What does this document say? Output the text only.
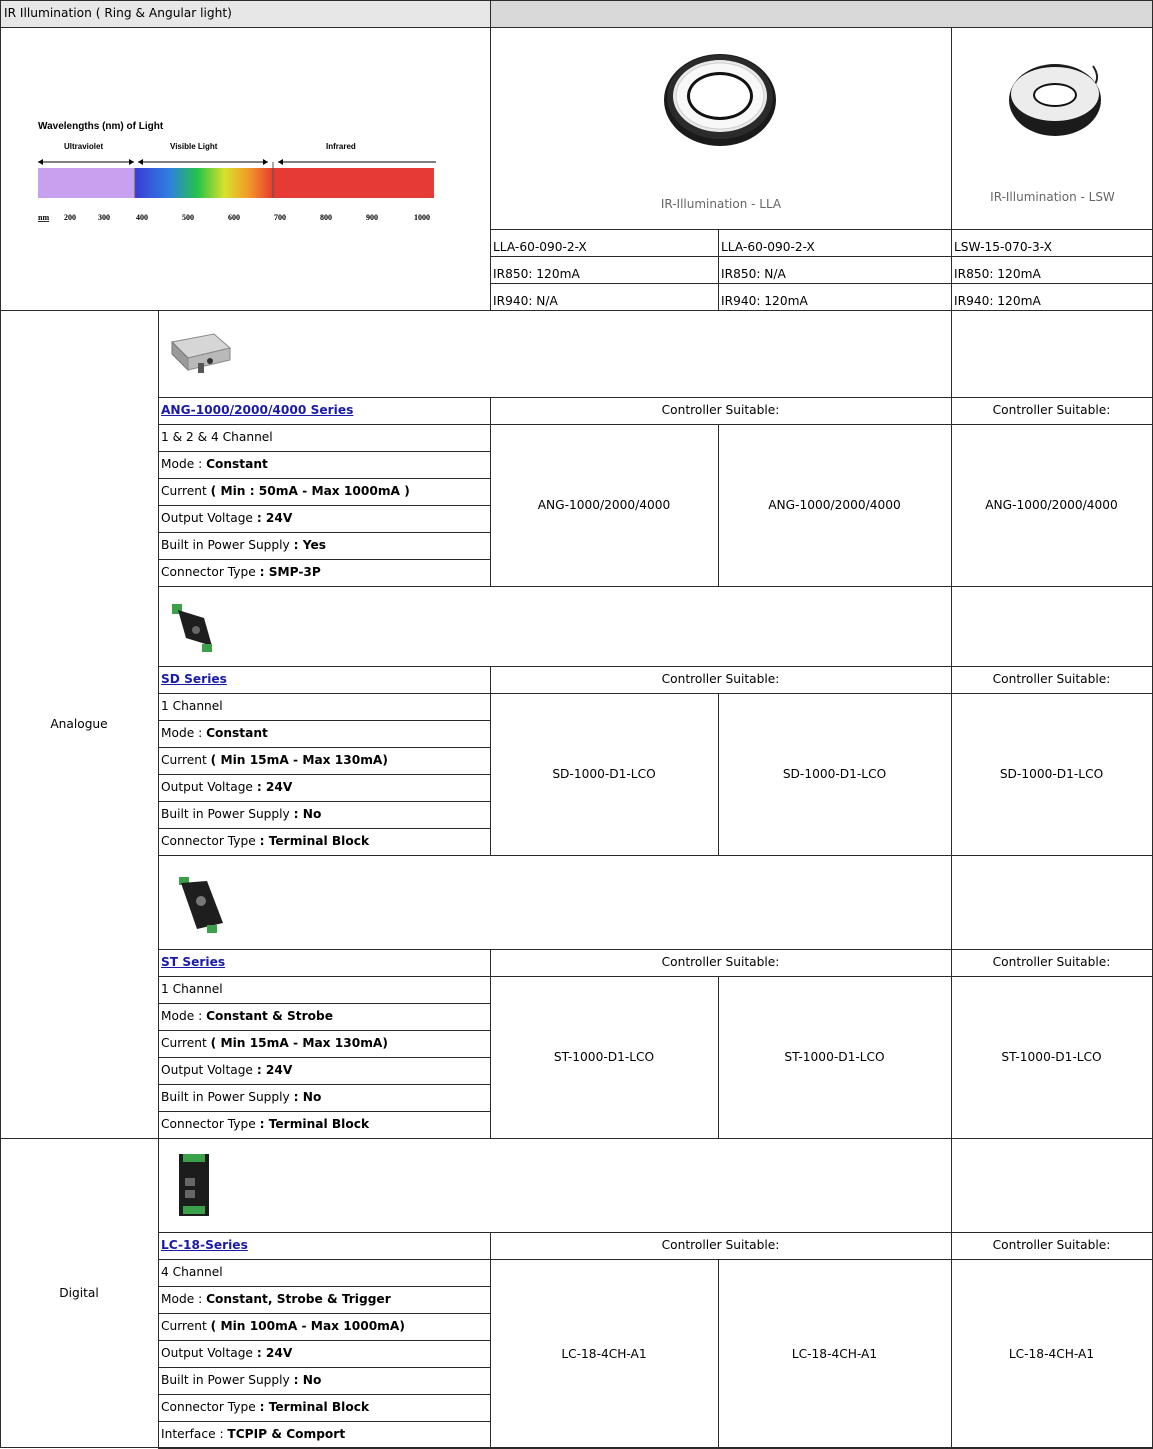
IR Illumination ( Ring & Angular light)
Wavelengths (nm) of Light
Ultraviolet	Visible Light	Infrared
nm 200	300	400	500	600	700	800	900	1000
IR-Illumination - LLA	IR-Illumination - LSW
LLA-60-090-2-X	LLA-60-090-2-X	LSW-15-070-3-X
IR850: 120mA	IR850: N/A	IR850: 120mA
IR940: N/A	IR940: 120mA	IR940: 120mA
Analogue
Digital
ANG-1000/2000/4000 Series	Controller Suitable:	Controller Suitable:
1 & 2 & 4 Channel
Mode : Constant
Current ( Min : 50mA - Max 1000mA )
Output Voltage : 24V
Built in Power Supply : Yes
Connector Type : SMP-3P
ANG-1000/2000/4000	ANG-1000/2000/4000	ANG-1000/2000/4000
SD Series	Controller Suitable:	Controller Suitable:
1 Channel
Mode : Constant
Current ( Min 15mA - Max 130mA)
Output Voltage : 24V
Built in Power Supply : No
Connector Type : Terminal Block
SD-1000-D1-LCO	SD-1000-D1-LCO	SD-1000-D1-LCO
ST Series	Controller Suitable:	Controller Suitable:
1 Channel
Mode : Constant & Strobe
Current ( Min 15mA - Max 130mA)
Output Voltage : 24V
Built in Power Supply : No
Connector Type : Terminal Block
ST-1000-D1-LCO	ST-1000-D1-LCO	ST-1000-D1-LCO
LC-18-Series	Controller Suitable:	Controller Suitable:
4 Channel
Mode : Constant, Strobe & Trigger
Current ( Min 100mA - Max 1000mA)
Output Voltage : 24V
Built in Power Supply : No
Connector Type : Terminal Block
Interface : TCPIP & Comport
LC-18-4CH-A1	LC-18-4CH-A1	LC-18-4CH-A1
